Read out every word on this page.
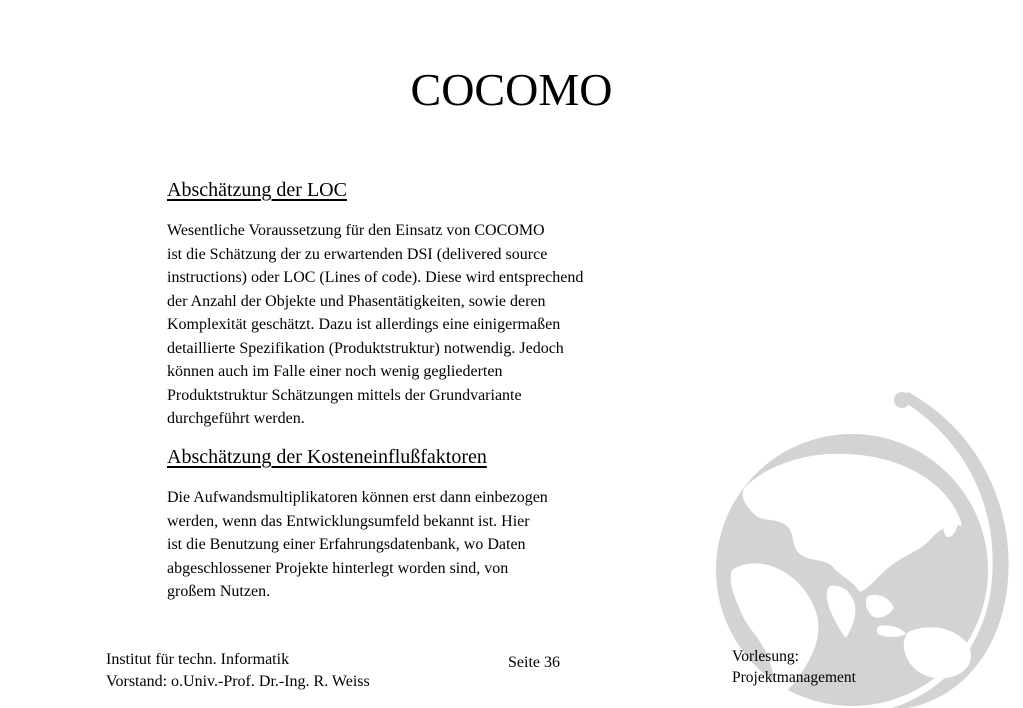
COCOMO
Abschätzung der LOC

Wesentliche Voraussetzung für den Einsatz von COCOMO
ist die Schätzung der zu erwartenden DSI (delivered source
instructions) oder LOC (Lines of code). Diese wird entsprechend
der Anzahl der Objekte und Phasentätigkeiten, sowie deren
Komplexität geschätzt. Dazu ist allerdings eine einigermaßen
detaillierte Spezifikation (Produktstruktur) notwendig. Jedoch
können auch im Falle einer noch wenig gegliederten
Produktstruktur Schätzungen mittels der Grundvariante
durchgeführt werden.

Abschätzung der Kosteneinflußfaktoren

Die Aufwandsmultiplikatoren können erst dann einbezogen
werden, wenn das Entwicklungsumfeld bekannt ist. Hier
ist die Benutzung einer Erfahrungsdatenbank, wo Daten
abgeschlossener Projekte hinterlegt worden sind, von
großem Nutzen.

Institut für techn. Informatik
Vorstand: o.Univ.-Prof. Dr.-Ing. R. Weiss

Seite 36	Vorlesung:
Projektmanagement
